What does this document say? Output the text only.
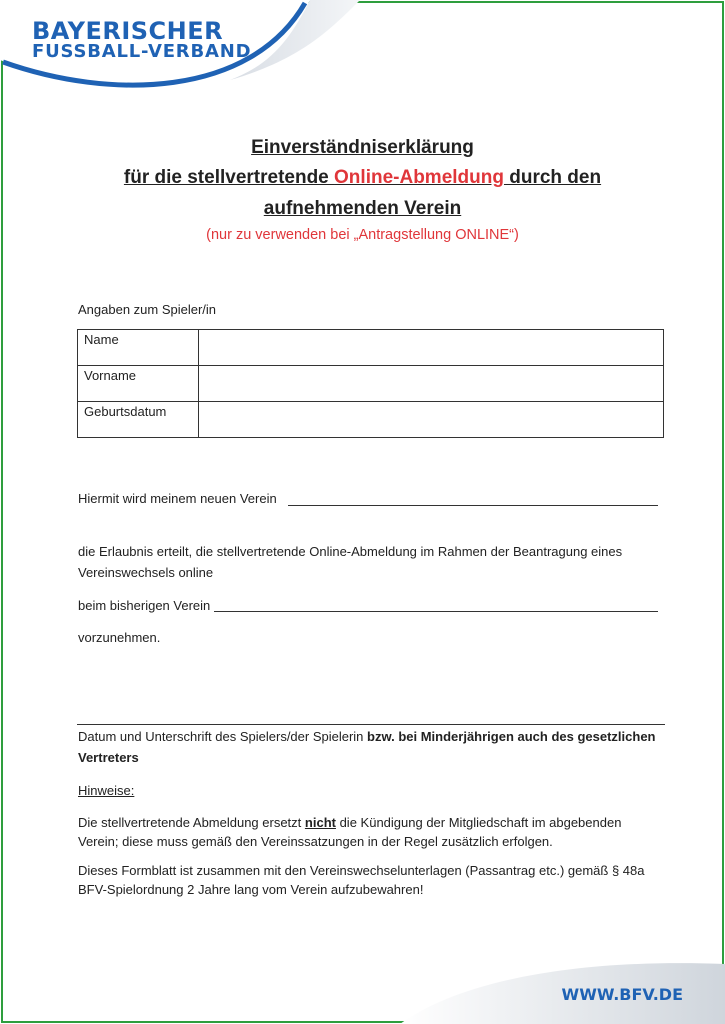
BAYERISCHER
FUSSBALL-VERBAND
Einverständniserklärung
für die stellvertretende Online-Abmeldung durch den
aufnehmenden Verein
(nur zu verwenden bei „Antragstellung ONLINE“)
Angaben zum Spieler/in
Name	
Vorname	
Geburtsdatum	
Hiermit wird meinem neuen Verein
die Erlaubnis erteilt, die stellvertretende Online-Abmeldung im Rahmen der Beantragung eines
Vereinswechsels online
beim bisherigen Verein
vorzunehmen.
Datum und Unterschrift des Spielers/der Spielerin bzw. bei Minderjährigen auch des gesetzlichen
Vertreters
Hinweise:
Die stellvertretende Abmeldung ersetzt nicht die Kündigung der Mitgliedschaft im abgebenden
Verein; diese muss gemäß den Vereinssatzungen in der Regel zusätzlich erfolgen.
Dieses Formblatt ist zusammen mit den Vereinswechselunterlagen (Passantrag etc.) gemäß § 48a
BFV-Spielordnung 2 Jahre lang vom Verein aufzubewahren!
WWW.BFV.DE
